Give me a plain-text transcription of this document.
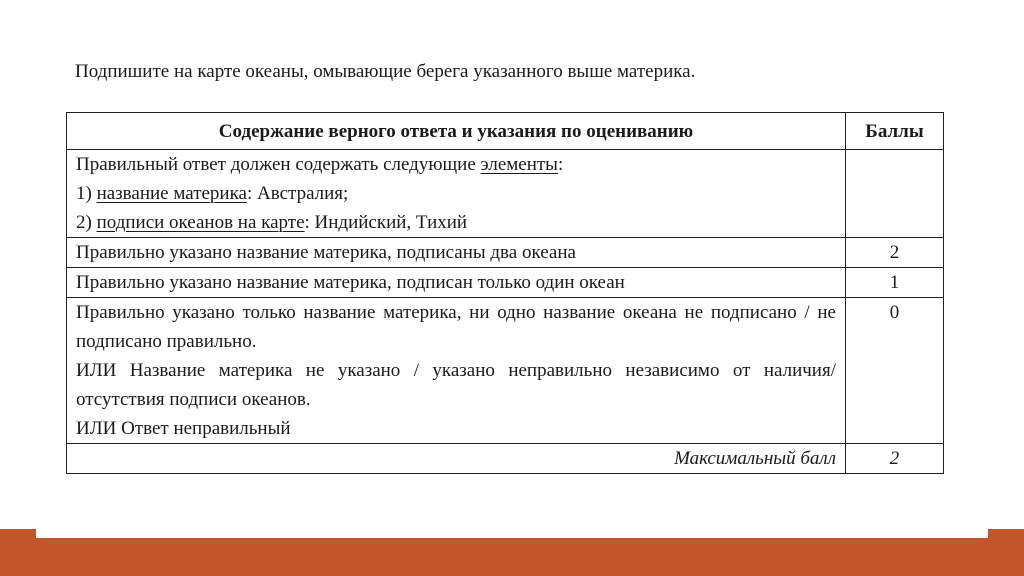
Подпишите на карте океаны, омывающие берега указанного выше материка.
Содержание верного ответа и указания по оцениванию	Баллы

Правильный ответ должен содержать следующие элементы:
1) название материка: Австралия;
2) подписи океанов на карте: Индийский, Тихий	

Правильно указано название материка, подписаны два океана	2
Правильно указано название материка, подписан только один океан	1

Правильно указано только название материка, ни одно название океана не подписано / не подписано правильно.
ИЛИ Название материка не указано / указано неправильно независимо от наличия/отсутствия подписи океанов.
ИЛИ Ответ неправильный	0
Максимальный балл	2
